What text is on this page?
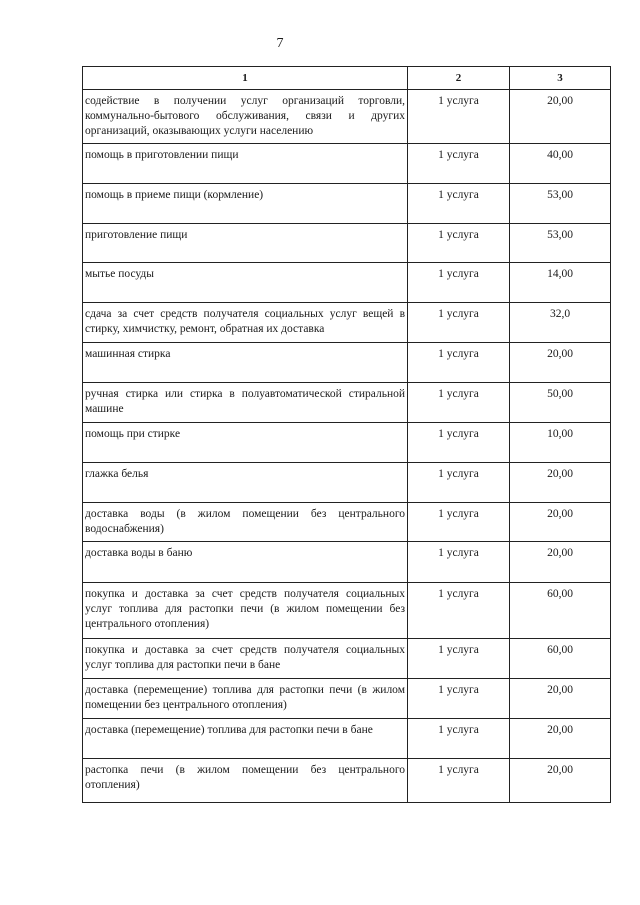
7
1	2	3
содействие в получении услуг организаций торговли, коммунально-бытового обслуживания, связи и других организаций, оказывающих услуги населению	1 услуга	20,00
помощь в приготовлении пищи	1 услуга	40,00
помощь в приеме пищи (кормление)	1 услуга	53,00
приготовление пищи	1 услуга	53,00
мытье посуды	1 услуга	14,00
сдача за счет средств получателя социальных услуг вещей в стирку, химчистку, ремонт, обратная их доставка	1 услуга	32,0
машинная стирка	1 услуга	20,00
ручная стирка или стирка в полуавтоматической стиральной машине	1 услуга	50,00
помощь при стирке	1 услуга	10,00
глажка белья	1 услуга	20,00
доставка воды (в жилом помещении без центрального водоснабжения)	1 услуга	20,00
доставка воды в баню	1 услуга	20,00
покупка и доставка за счет средств получателя социальных услуг топлива для растопки печи (в жилом помещении без центрального отопления)	1 услуга	60,00
покупка и доставка за счет средств получателя социальных услуг топлива для растопки печи в бане	1 услуга	60,00
доставка (перемещение) топлива для растопки печи (в жилом помещении без центрального отопления)	1 услуга	20,00
доставка (перемещение) топлива для растопки печи в бане	1 услуга	20,00
растопка печи (в жилом помещении без центрального отопления)	1 услуга	20,00
